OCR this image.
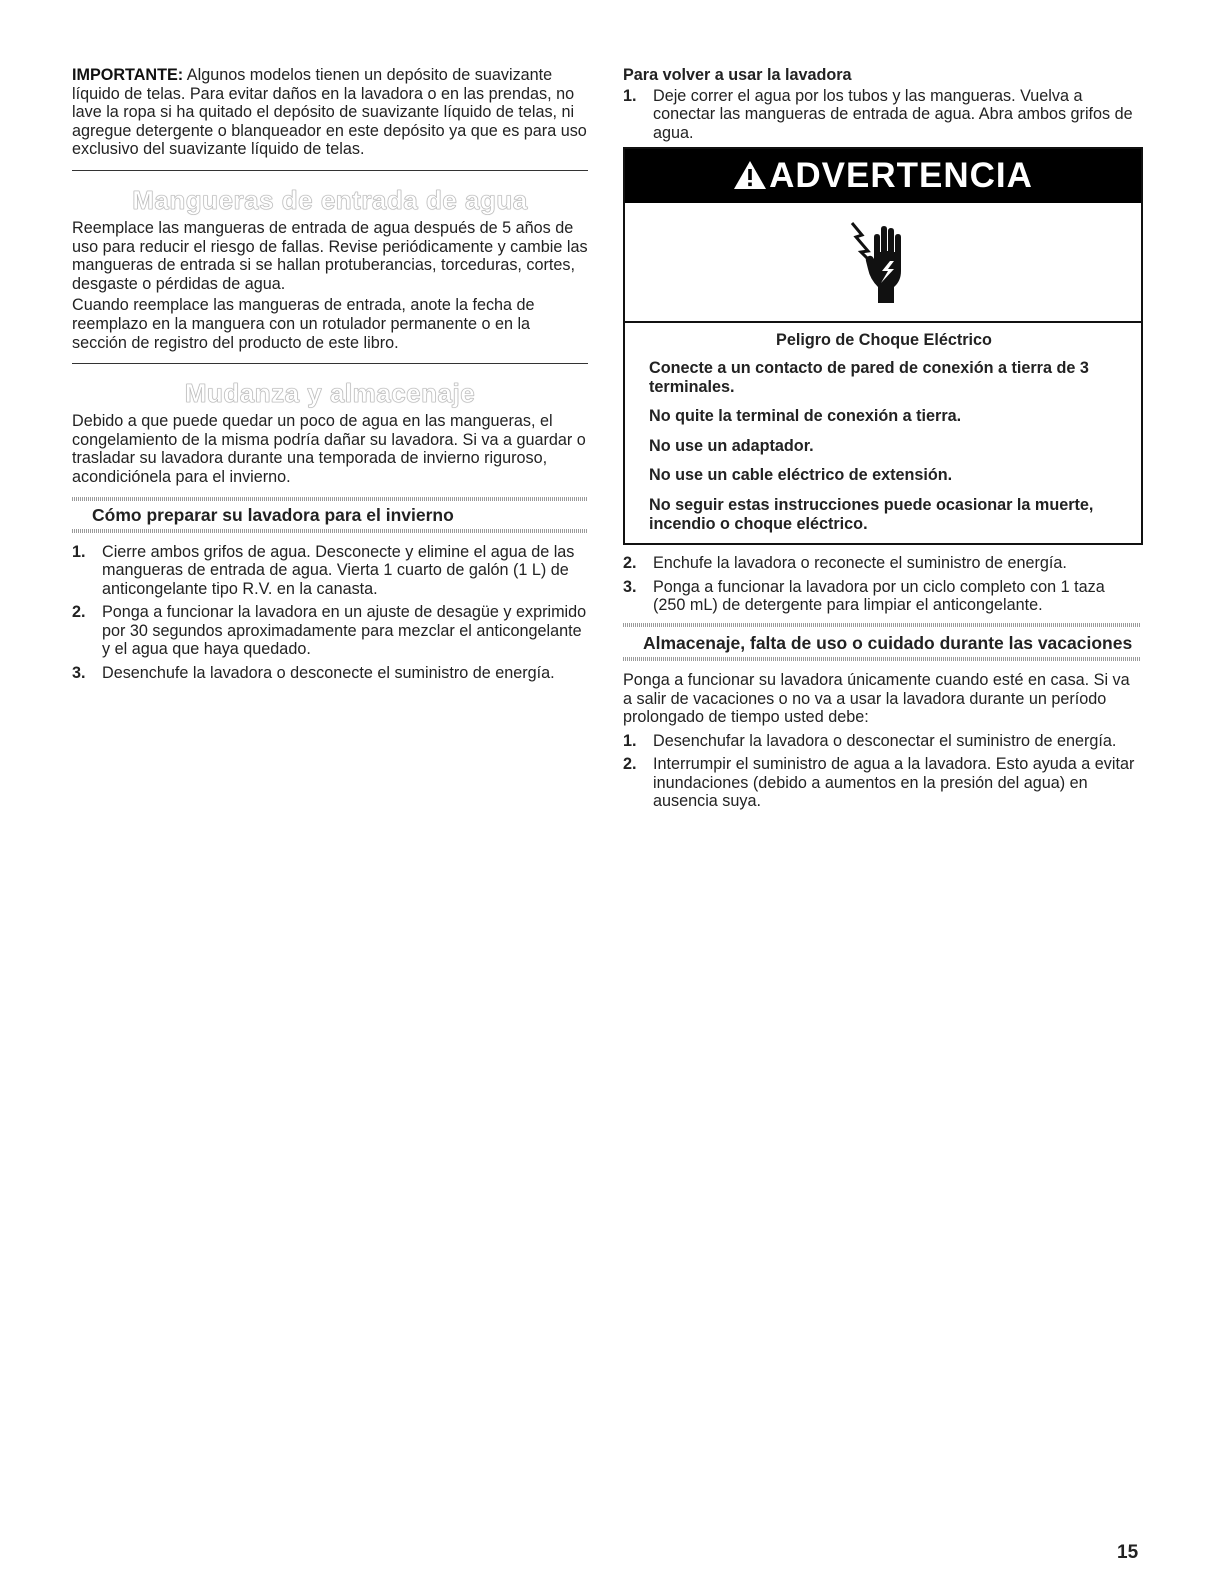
IMPORTANTE: Algunos modelos tienen un depósito de suavizante líquido de telas. Para evitar daños en la lavadora o en las prendas, no lave la ropa si ha quitado el depósito de suavizante líquido de telas, ni agregue detergente o blanqueador en este depósito ya que es para uso exclusivo del suavizante líquido de telas.

Mangueras de entrada de agua

Reemplace las mangueras de entrada de agua después de 5 años de uso para reducir el riesgo de fallas. Revise periódicamente y cambie las mangueras de entrada si se hallan protuberancias, torceduras, cortes, desgaste o pérdidas de agua.

Cuando reemplace las mangueras de entrada, anote la fecha de reemplazo en la manguera con un rotulador permanente o en la sección de registro del producto de este libro.

Mudanza y almacenaje

Debido a que puede quedar un poco de agua en las mangueras, el congelamiento de la misma podría dañar su lavadora. Si va a guardar o trasladar su lavadora durante una temporada de invierno riguroso, acondiciónela para el invierno.

Cómo preparar su lavadora para el invierno
1. Cierre ambos grifos de agua. Desconecte y elimine el agua de las mangueras de entrada de agua. Vierta 1 cuarto de galón (1 L) de anticongelante tipo R.V. en la canasta.
2. Ponga a funcionar la lavadora en un ajuste de desagüe y exprimido por 30 segundos aproximadamente para mezclar el anticongelante y el agua que haya quedado.
3. Desenchufe la lavadora o desconecte el suministro de energía.
Para volver a usar la lavadora
1. Deje correr el agua por los tubos y las mangueras. Vuelva a conectar las mangueras de entrada de agua. Abra ambos grifos de agua.
ADVERTENCIA
Peligro de Choque Eléctrico

Conecte a un contacto de pared de conexión a tierra de 3 terminales.

No quite la terminal de conexión a tierra.

No use un adaptador.

No use un cable eléctrico de extensión.

No seguir estas instrucciones puede ocasionar la muerte, incendio o choque eléctrico.

2. Enchufe la lavadora o reconecte el suministro de energía.
3. Ponga a funcionar la lavadora por un ciclo completo con 1 taza (250 mL) de detergente para limpiar el anticongelante.
Almacenaje, falta de uso o cuidado durante las vacaciones

Ponga a funcionar su lavadora únicamente cuando esté en casa. Si va a salir de vacaciones o no va a usar la lavadora durante un período prolongado de tiempo usted debe:

1. Desenchufar la lavadora o desconectar el suministro de energía.
2. Interrumpir el suministro de agua a la lavadora. Esto ayuda a evitar inundaciones (debido a aumentos en la presión del agua) en ausencia suya.
15
